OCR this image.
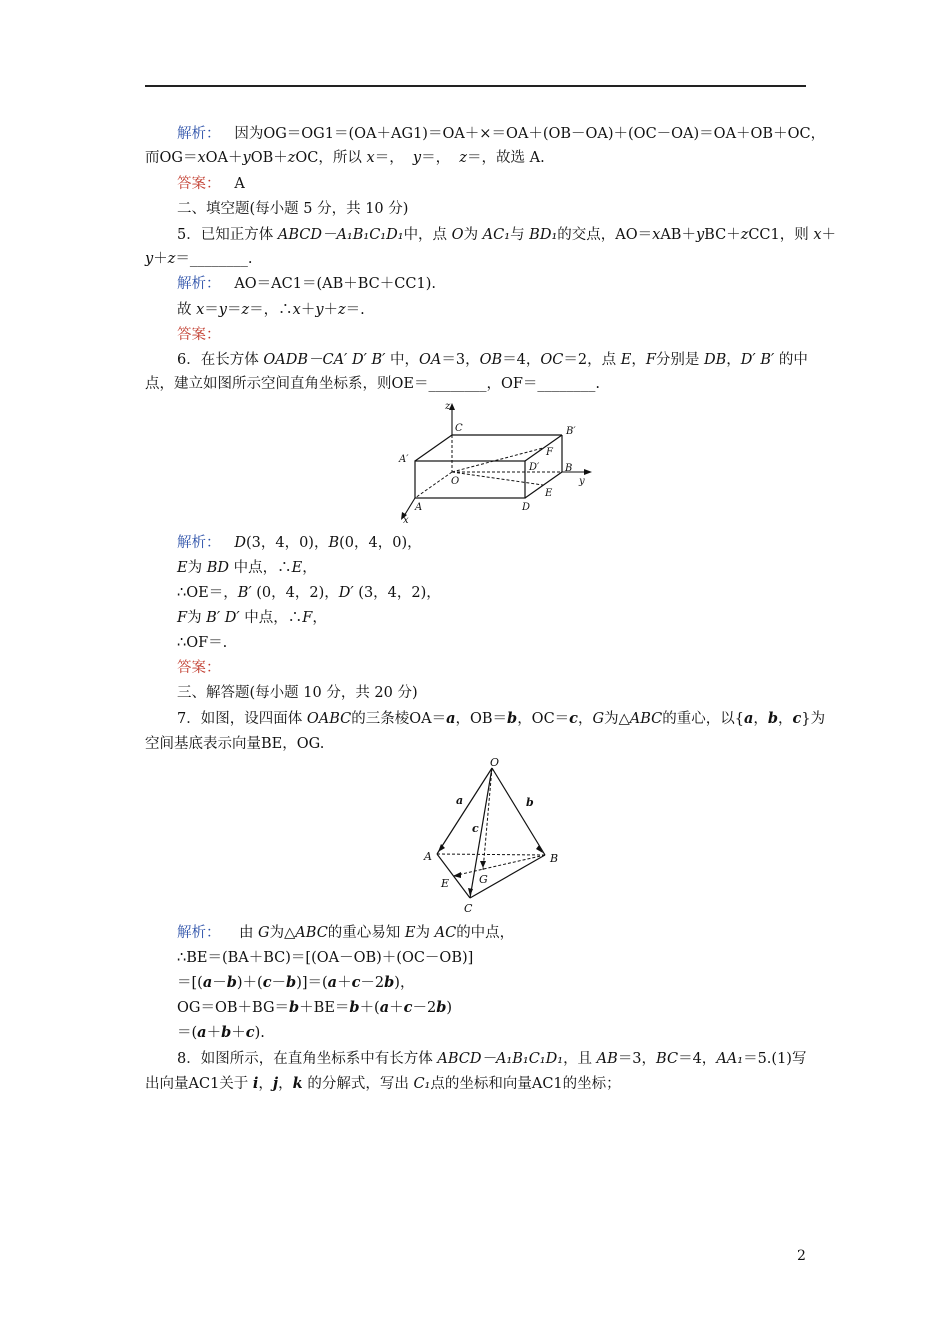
解析： 因为OG＝OG1＝(OA＋AG1)＝OA＋×＝OA＋(OB－OA)＋(OC－OA)＝OA＋OB＋OC，
而OG＝xOA＋yOB＋zOC，所以 x＝， y＝， z＝，故选 A.
答案： A
二、填空题(每小题 5 分，共 10 分)
5．已知正方体 ABCD－A₁B₁C₁D₁中，点 O为 AC₁与 BD₁的交点，AO＝xAB＋yBC＋zCC1，则 x＋
y＋z＝________.
解析： AO＝AC1＝(AB＋BC＋CC1).
故 x＝y＝z＝，∴x＋y＋z＝.
答案：
6．在长方体 OADB－CA′ D′ B′ 中，OA＝3，OB＝4，OC＝2，点 E，F分别是 DB，D′ B′ 的中
点，建立如图所示空间直角坐标系，则OE＝________，OF＝________.
z
C	B′
A′
D′
F
B
O	y
E
A	D
x
解析： D(3，4，0)，B(0，4，0)，
E为 BD 中点，∴E，
∴OE＝，B′ (0，4，2)，D′ (3，4，2)，
F为 B′ D′ 中点，∴F，
∴OF＝.
答案：
三、解答题(每小题 10 分，共 20 分)
7．如图，设四面体 OABC的三条棱OA＝a，OB＝b，OC＝c，G为△ABC的重心，以{a，b，c}为
空间基底表示向量BE，OG.
O
a	b
c
A	B
E	G
C
解析： 由 G为△ABC的重心易知 E为 AC的中点，
∴BE＝(BA＋BC)＝[(OA－OB)＋(OC－OB)]
＝[(a－b)＋(c－b)]＝(a＋c－2b)，
OG＝OB＋BG＝b＋BE＝b＋(a＋c－2b)
＝(a＋b＋c).
8．如图所示，在直角坐标系中有长方体 ABCD－A₁B₁C₁D₁，且 AB＝3，BC＝4，AA₁＝5.(1)写
出向量AC1关于 i，j，k 的分解式，写出 C₁点的坐标和向量AC1的坐标；
2
